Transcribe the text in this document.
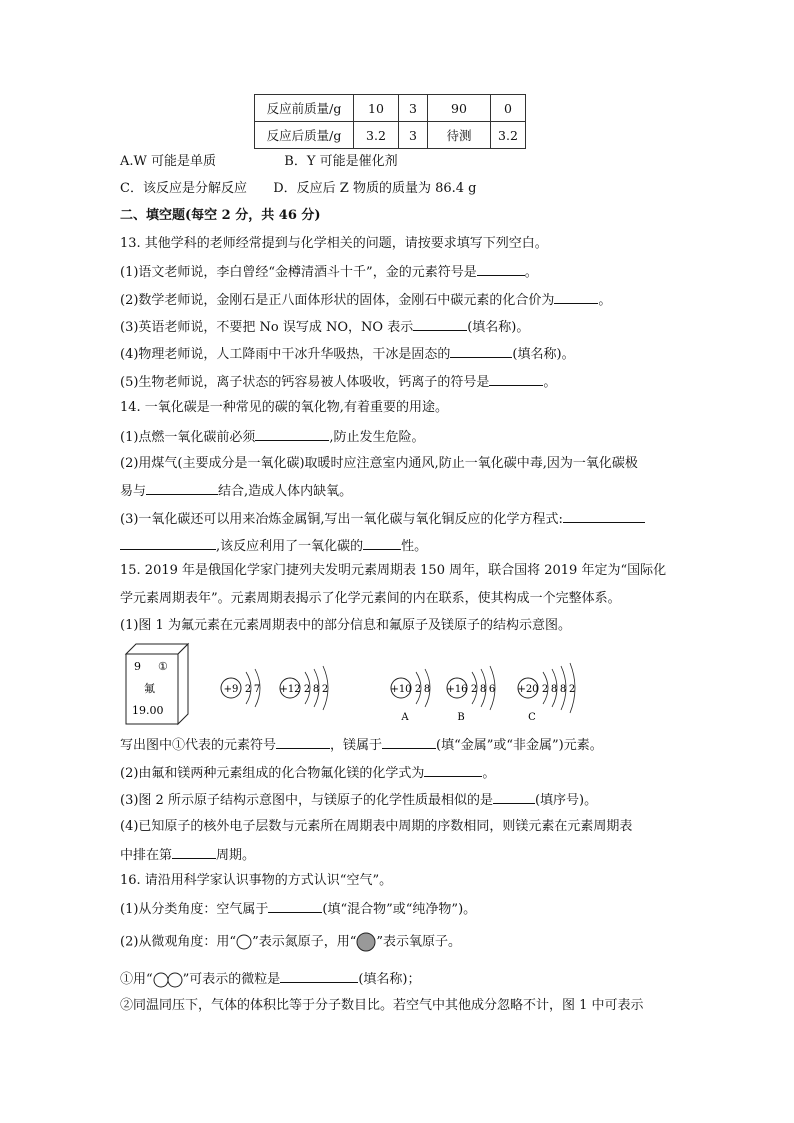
反应前质量/g	10	3	90	0
反应后质量/g	3.2	3	待测	3.2
A.W 可能是单质	B．Y 可能是催化剂
C．该反应是分解反应 D．反应后 Z 物质的质量为 86.4 g
二、填空题(每空 2 分，共 46 分)
13. 其他学科的老师经常提到与化学相关的问题，请按要求填写下列空白。
(1)语文老师说，李白曾经“金樽清酒斗十千”，金的元素符号是	。
(2)数学老师说，金刚石是正八面体形状的固体，金刚石中碳元素的化合价为	。
(3)英语老师说，不要把 No 误写成 NO，NO 表示	(填名称)。
(4)物理老师说，人工降雨中干冰升华吸热，干冰是固态的	(填名称)。
(5)生物老师说，离子状态的钙容易被人体吸收，钙离子的符号是	。
14. 一氧化碳是一种常见的碳的氧化物,有着重要的用途。
(1)点燃一氧化碳前必须	,防止发生危险。
(2)用煤气(主要成分是一氧化碳)取暖时应注意室内通风,防止一氧化碳中毒,因为一氧化碳极
易与	结合,造成人体内缺氧。
(3)一氧化碳还可以用来冶炼金属铜,写出一氧化碳与氧化铜反应的化学方程式:
,该反应利用了一氧化碳的	性。
15. 2019 年是俄国化学家门捷列夫发明元素周期表 150 周年，联合国将 2019 年定为“国际化
学元素周期表年”。元素周期表揭示了化学元素间的内在联系，使其构成一个完整体系。
(1)图 1 为氟元素在元素周期表中的部分信息和氟原子及镁原子的结构示意图。
9 ①
氟
19.00
+9 2 7 +12 2 8 2	+10 2 8
A
+16 2 8 6
B
+20 2 8 8 2
C
写出图中①代表的元素符号	，镁属于	(填“金属”或“非金属”)元素。
(2)由氟和镁两种元素组成的化合物氟化镁的化学式为	。
(3)图 2 所示原子结构示意图中，与镁原子的化学性质最相似的是	(填序号)。
(4)已知原子的核外电子层数与元素所在周期表中周期的序数相同，则镁元素在元素周期表
中排在第	周期。
16. 请沿用科学家认识事物的方式认识“空气”。
(1)从分类角度：空气属于	(填“混合物”或“纯净物”)。
(2)从微观角度：用“ ”表示氮原子，用“ ”表示氧原子。
①用“ ”可表示的微粒是	(填名称)；
②同温同压下，气体的体积比等于分子数目比。若空气中其他成分忽略不计，图 1 中可表示
